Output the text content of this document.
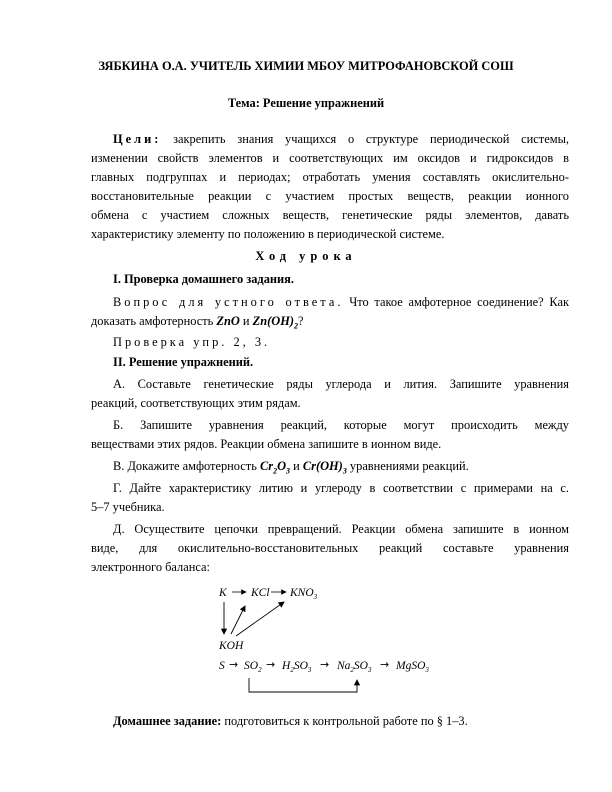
ЗЯБКИНА О.А. УЧИТЕЛЬ ХИМИИ МБОУ МИТРОФАНОВСКОЙ СОШ

Тема: Решение упражнений

Цели: закрепить знания учащихся о структуре периодической системы,

изменении свойств элементов и соответствующих им оксидов и гидроксидов в

главных подгруппах и периодах; отработать умения составлять окислительно-

восстановительные реакции с участием простых веществ, реакции ионного

обмена с участием сложных веществ, генетические ряды элементов, давать

характеристику элементу по положению в периодической системе.

Ход урока

I. Проверка домашнего задания.

Вопрос для устного ответа. Что такое амфотерное соединение? Как

доказать амфотерность ZnO и $Zn(OH)_2$?

Проверка упр. 2, 3.

II. Решение упражнений.

А. Составьте генетические ряды углерода и лития. Запишите уравнения

реакций, соответствующих этим рядам.

Б. Запишите уравнения реакций, которые могут происходить между

веществами этих рядов. Реакции обмена запишите в ионном виде.

В. Докажите амфотерность $Cr_2O_3$ и $Cr(OH)_3$ уравнениями реакций.

Г. Дайте характеристику литию и углероду в соответствии с примерами на с.

5–7 учебника.

Д. Осуществите цепочки превращений. Реакции обмена запишите в ионном

виде, для окислительно-восстановительных реакций составьте уравнения

электронного баланса:

K KCl $KNO_3$
KOH
$S \to SO_2 \to H_2SO_3 \to Na_2SO_3$ → MgSO$_3$

Домашнее задание: подготовиться к контрольной работе по § 1–3.
